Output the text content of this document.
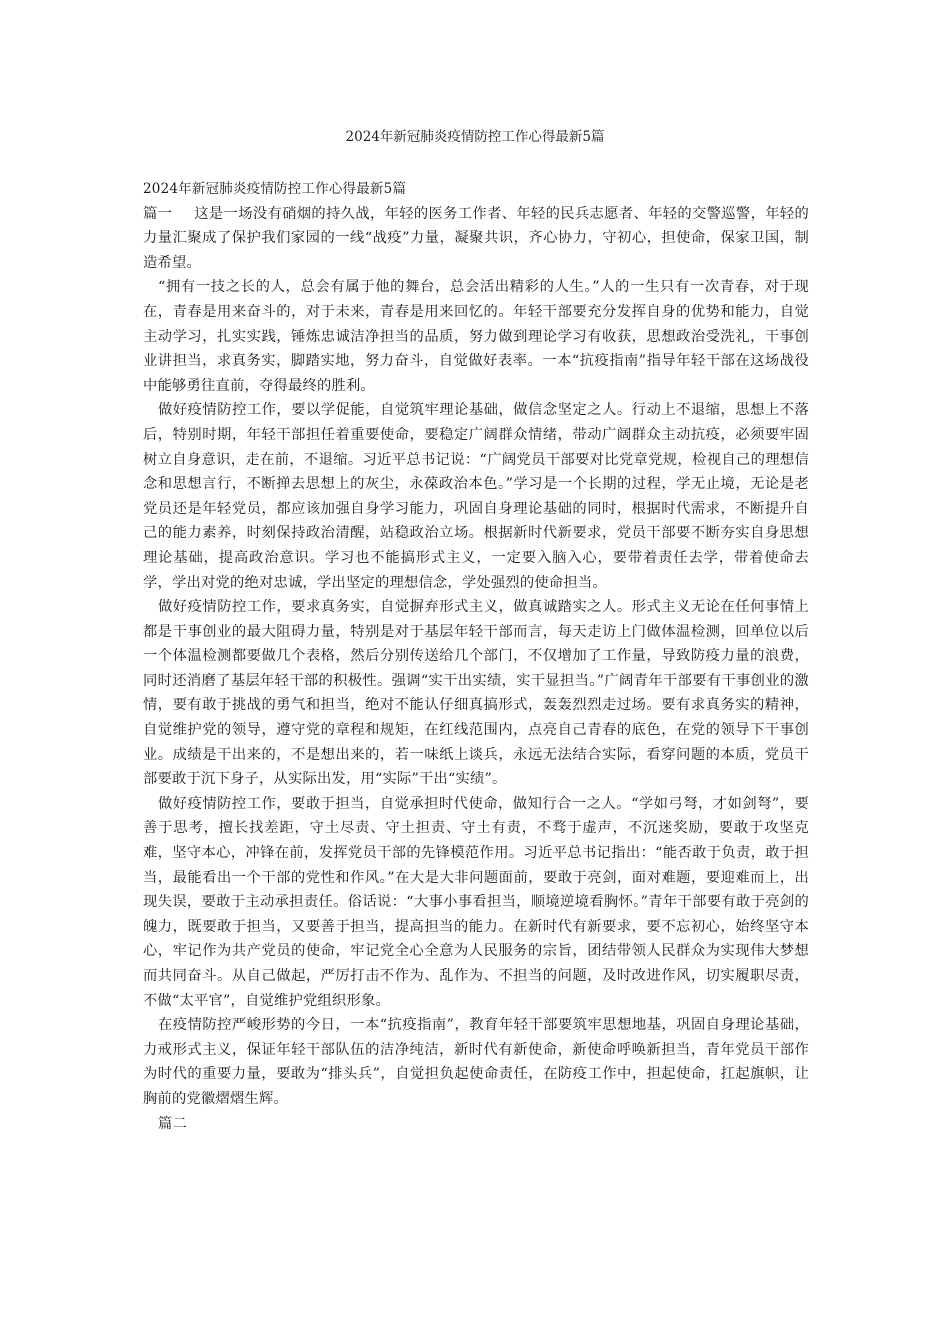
2024年新冠肺炎疫情防控工作心得最新5篇

2024年新冠肺炎疫情防控工作心得最新5篇

篇一 这是一场没有硝烟的持久战，年轻的医务工作者、年轻的民兵志愿者、年轻的交警巡警，年轻的力量汇聚成了保护我们家园的一线“战疫”力量，凝聚共识，齐心协力，守初心，担使命，保家卫国，制造希望。

“拥有一技之长的人，总会有属于他的舞台，总会活出精彩的人生。”人的一生只有一次青春，对于现在，青春是用来奋斗的，对于未来，青春是用来回忆的。年轻干部要充分发挥自身的优势和能力，自觉主动学习，扎实实践，锤炼忠诚洁净担当的品质，努力做到理论学习有收获，思想政治受洗礼，干事创业讲担当，求真务实，脚踏实地，努力奋斗，自觉做好表率。一本“抗疫指南”指导年轻干部在这场战役中能够勇往直前，夺得最终的胜利。

做好疫情防控工作，要以学促能，自觉筑牢理论基础，做信念坚定之人。行动上不退缩，思想上不落后，特别时期，年轻干部担任着重要使命，要稳定广阔群众情绪，带动广阔群众主动抗疫，必须要牢固树立自身意识，走在前，不退缩。习近平总书记说：“广阔党员干部要对比党章党规，检视自己的理想信念和思想言行，不断掸去思想上的灰尘，永葆政治本色。”学习是一个长期的过程，学无止境，无论是老党员还是年轻党员，都应该加强自身学习能力，巩固自身理论基础的同时，根据时代需求，不断提升自己的能力素养，时刻保持政治清醒，站稳政治立场。根据新时代新要求，党员干部要不断夯实自身思想理论基础，提高政治意识。学习也不能搞形式主义，一定要入脑入心，要带着责任去学，带着使命去学，学出对党的绝对忠诚，学出坚定的理想信念，学处强烈的使命担当。

做好疫情防控工作，要求真务实，自觉摒弃形式主义，做真诚踏实之人。形式主义无论在任何事情上都是干事创业的最大阻碍力量，特别是对于基层年轻干部而言，每天走访上门做体温检测，回单位以后一个体温检测都要做几个表格，然后分别传送给几个部门，不仅增加了工作量，导致防疫力量的浪费，同时还消磨了基层年轻干部的积极性。强调“实干出实绩，实干显担当。”广阔青年干部要有干事创业的激情，要有敢于挑战的勇气和担当，绝对不能认仔细真搞形式，轰轰烈烈走过场。要有求真务实的精神，自觉维护党的领导，遵守党的章程和规矩，在红线范围内，点亮自己青春的底色，在党的领导下干事创业。成绩是干出来的，不是想出来的，若一味纸上谈兵，永远无法结合实际，看穿问题的本质，党员干部要敢于沉下身子，从实际出发，用“实际”干出“实绩”。

做好疫情防控工作，要敢于担当，自觉承担时代使命，做知行合一之人。“学如弓弩，才如剑弩”，要善于思考，擅长找差距，守土尽责、守土担责、守土有责，不骛于虚声，不沉迷奖励，要敢于攻坚克难，坚守本心，冲锋在前，发挥党员干部的先锋模范作用。习近平总书记指出：“能否敢于负责，敢于担当，最能看出一个干部的党性和作风。”在大是大非问题面前，要敢于亮剑，面对难题，要迎难而上，出现失误，要敢于主动承担责任。俗话说：“大事小事看担当，顺境逆境看胸怀。”青年干部要有敢于亮剑的魄力，既要敢于担当，又要善于担当，提高担当的能力。在新时代有新要求，要不忘初心，始终坚守本心，牢记作为共产党员的使命，牢记党全心全意为人民服务的宗旨，团结带领人民群众为实现伟大梦想而共同奋斗。从自己做起，严厉打击不作为、乱作为、不担当的问题，及时改进作风，切实履职尽责，不做“太平官”，自觉维护党组织形象。

在疫情防控严峻形势的今日，一本“抗疫指南”，教育年轻干部要筑牢思想地基，巩固自身理论基础，力戒形式主义，保证年轻干部队伍的洁净纯洁，新时代有新使命，新使命呼唤新担当，青年党员干部作为时代的重要力量，要敢为“排头兵”，自觉担负起使命责任，在防疫工作中，担起使命，扛起旗帜，让胸前的党徽熠熠生辉。

篇二
